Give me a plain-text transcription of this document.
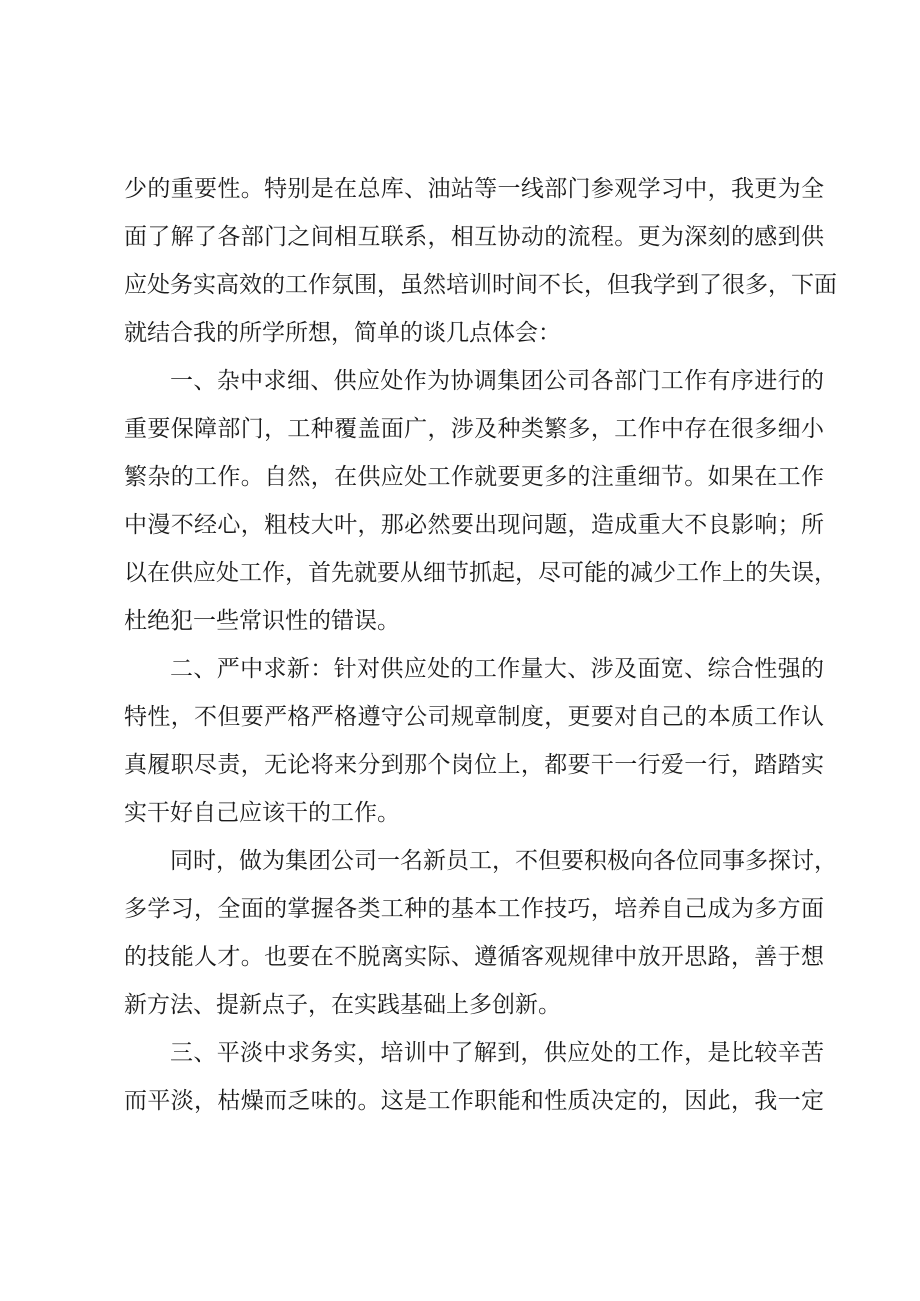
少的重要性。特别是在总库、油站等一线部门参观学习中，我更为全
面了解了各部门之间相互联系，相互协动的流程。更为深刻的感到供
应处务实高效的工作氛围，虽然培训时间不长，但我学到了很多，下面
就结合我的所学所想，简单的谈几点体会：
一、杂中求细、供应处作为协调集团公司各部门工作有序进行的
重要保障部门，工种覆盖面广，涉及种类繁多，工作中存在很多细小
繁杂的工作。自然，在供应处工作就要更多的注重细节。如果在工作
中漫不经心，粗枝大叶，那必然要出现问题，造成重大不良影响；所
以在供应处工作，首先就要从细节抓起，尽可能的减少工作上的失误，
杜绝犯一些常识性的错误。
二、严中求新：针对供应处的工作量大、涉及面宽、综合性强的
特性，不但要严格严格遵守公司规章制度，更要对自己的本质工作认
真履职尽责，无论将来分到那个岗位上，都要干一行爱一行，踏踏实
实干好自己应该干的工作。
同时，做为集团公司一名新员工，不但要积极向各位同事多探讨，
多学习，全面的掌握各类工种的基本工作技巧，培养自己成为多方面
的技能人才。也要在不脱离实际、遵循客观规律中放开思路，善于想
新方法、提新点子，在实践基础上多创新。
三、平淡中求务实，培训中了解到，供应处的工作，是比较辛苦
而平淡，枯燥而乏味的。这是工作职能和性质决定的，因此，我一定
